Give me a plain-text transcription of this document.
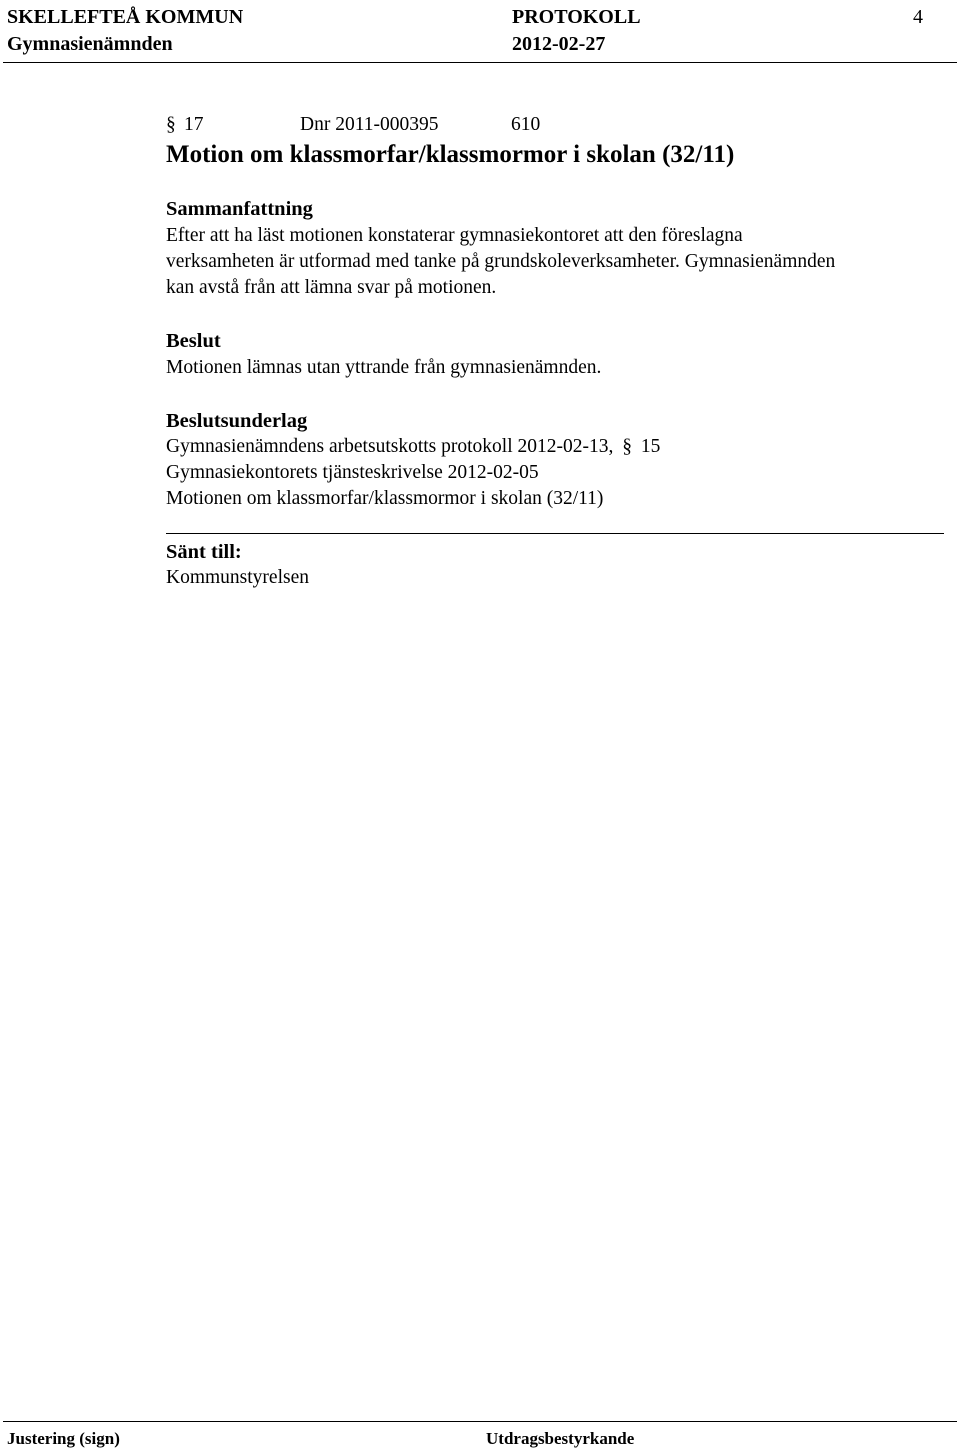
SKELLEFTEÅ KOMMUN	PROTOKOLL	4
Gymnasienämnden	2012-02-27
§ 17	Dnr 2011-000395	610
Motion om klassmorfar/klassmormor i skolan (32/11)
Sammanfattning
Efter att ha läst motionen konstaterar gymnasiekontoret att den föreslagna
verksamheten är utformad med tanke på grundskoleverksamheter. Gymnasienämnden
kan avstå från att lämna svar på motionen.
Beslut
Motionen lämnas utan yttrande från gymnasienämnden.
Beslutsunderlag
Gymnasienämndens arbetsutskotts protokoll 2012-02-13, § 15
Gymnasiekontorets tjänsteskrivelse 2012-02-05
Motionen om klassmorfar/klassmormor i skolan (32/11)
Sänt till:
Kommunstyrelsen
Justering (sign)	Utdragsbestyrkande
